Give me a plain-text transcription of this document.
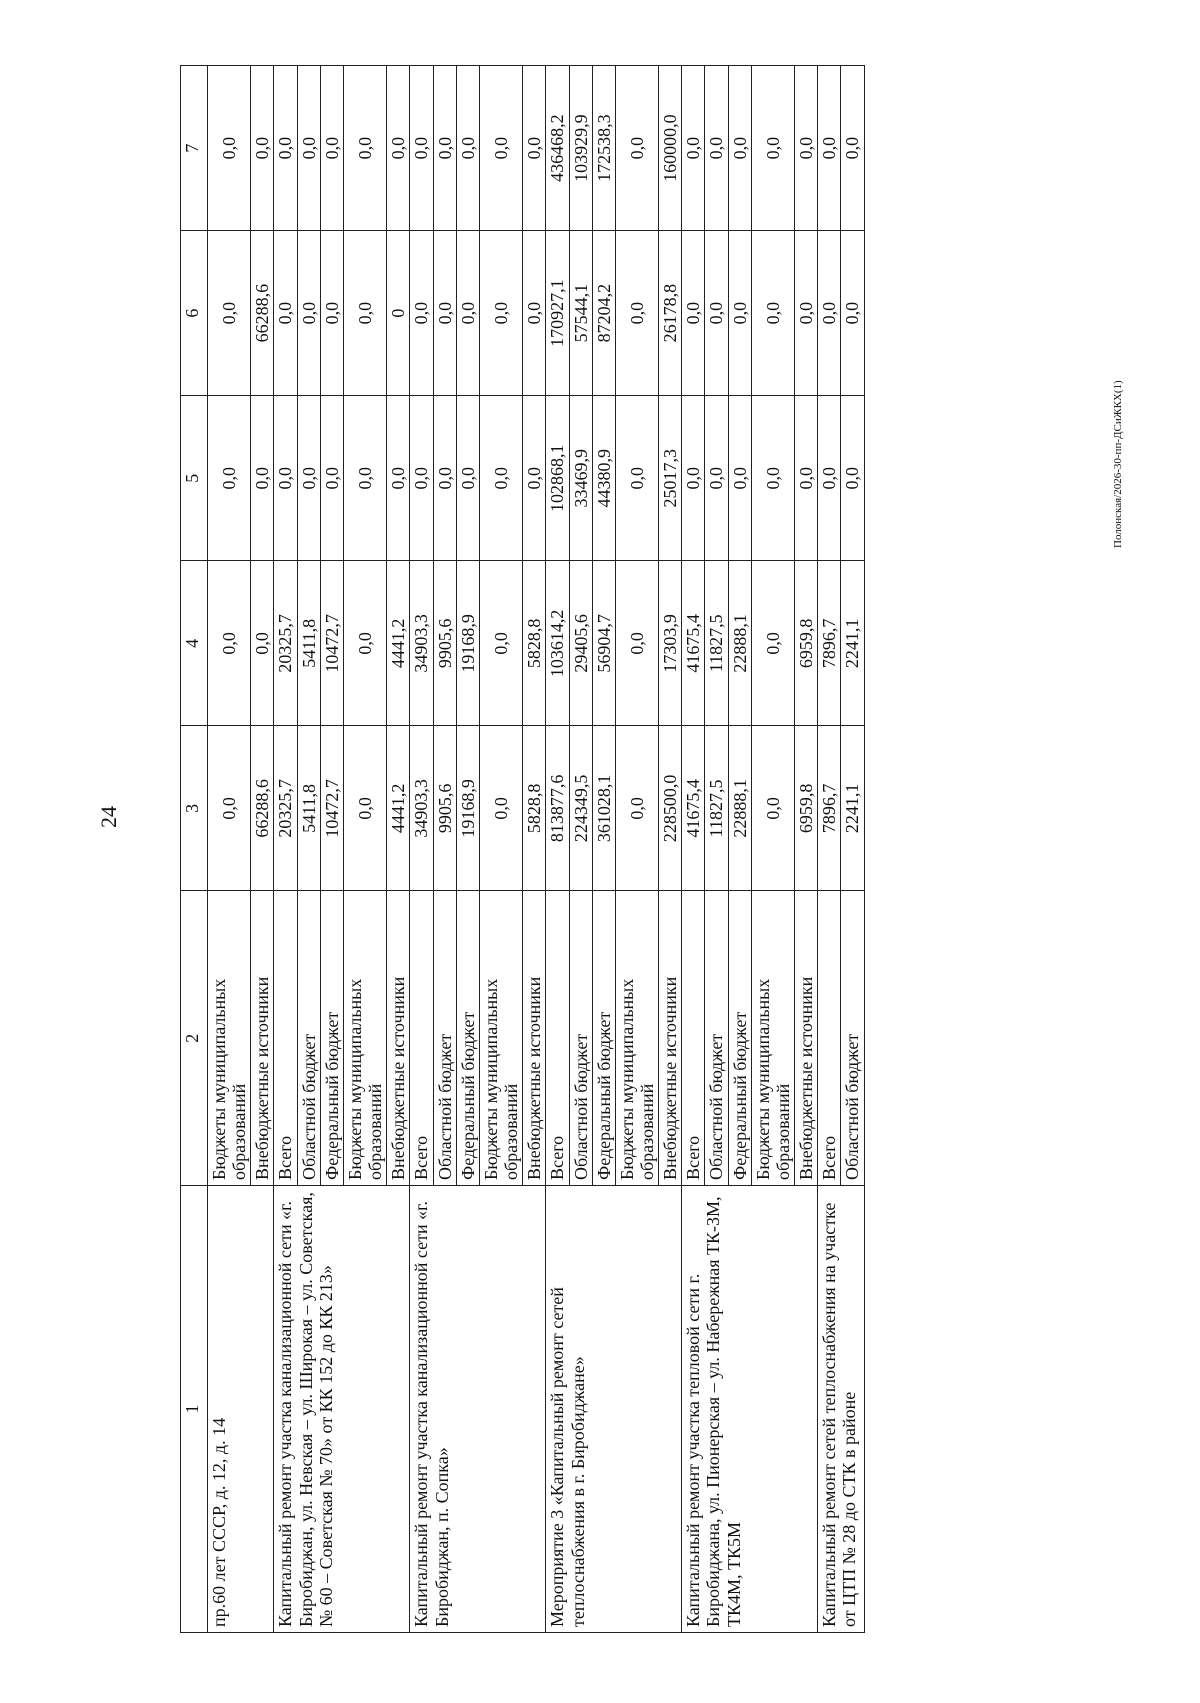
24
Полонская/2026-30-пп-ДСиЖКХ(1)
1	2	3	4	5	6	7
пр.60 лет СССР, д. 12, д. 14	Бюджеты муниципальных образований	0,0	0,0	0,0	0,0	0,0
	Внебюджетные источники	66288,6	0,0	0,0	66288,6	0,0
Капитальный ремонт участка канализационной сети «г. Биробиджан, ул. Невская – ул. Широкая – ул. Советская, № 60 – Советская № 70» от КК 152 до КК 213»	Всего	20325,7	20325,7	0,0	0,0	0,0
	Областной бюджет	5411,8	5411,8	0,0	0,0	0,0
	Федеральный бюджет	10472,7	10472,7	0,0	0,0	0,0
	Бюджеты муниципальных образований	0,0	0,0	0,0	0,0	0,0
	Внебюджетные источники	4441,2	4441,2	0,0	0	0,0
Капитальный ремонт участка канализационной сети «г. Биробиджан, п. Сопка»	Всего	34903,3	34903,3	0,0	0,0	0,0
	Областной бюджет	9905,6	9905,6	0,0	0,0	0,0
	Федеральный бюджет	19168,9	19168,9	0,0	0,0	0,0
	Бюджеты муниципальных образований	0,0	0,0	0,0	0,0	0,0
	Внебюджетные источники	5828,8	5828,8	0,0	0,0	0,0
Мероприятие 3 «Капитальный ремонт сетей теплоснабжения в г. Биробиджане»	Всего	813877,6	103614,2	102868,1	170927,1	436468,2
	Областной бюджет	224349,5	29405,6	33469,9	57544,1	103929,9
	Федеральный бюджет	361028,1	56904,7	44380,9	87204,2	172538,3
	Бюджеты муниципальных образований	0,0	0,0	0,0	0,0	0,0
	Внебюджетные источники	228500,0	17303,9	25017,3	26178,8	160000,0
Капитальный ремонт участка тепловой сети г. Биробиджана, ул. Пионерская – ул. Набережная ТК-3М, ТК4М, ТК5М	Всего	41675,4	41675,4	0,0	0,0	0,0
	Областной бюджет	11827,5	11827,5	0,0	0,0	0,0
	Федеральный бюджет	22888,1	22888,1	0,0	0,0	0,0
	Бюджеты муниципальных образований	0,0	0,0	0,0	0,0	0,0
	Внебюджетные источники	6959,8	6959,8	0,0	0,0	0,0
Капитальный ремонт сетей теплоснабжения на участке от ЦТП № 28 до СТК в районе	Всего	7896,7	7896,7	0,0	0,0	0,0
	Областной бюджет	2241,1	2241,1	0,0	0,0	0,0
